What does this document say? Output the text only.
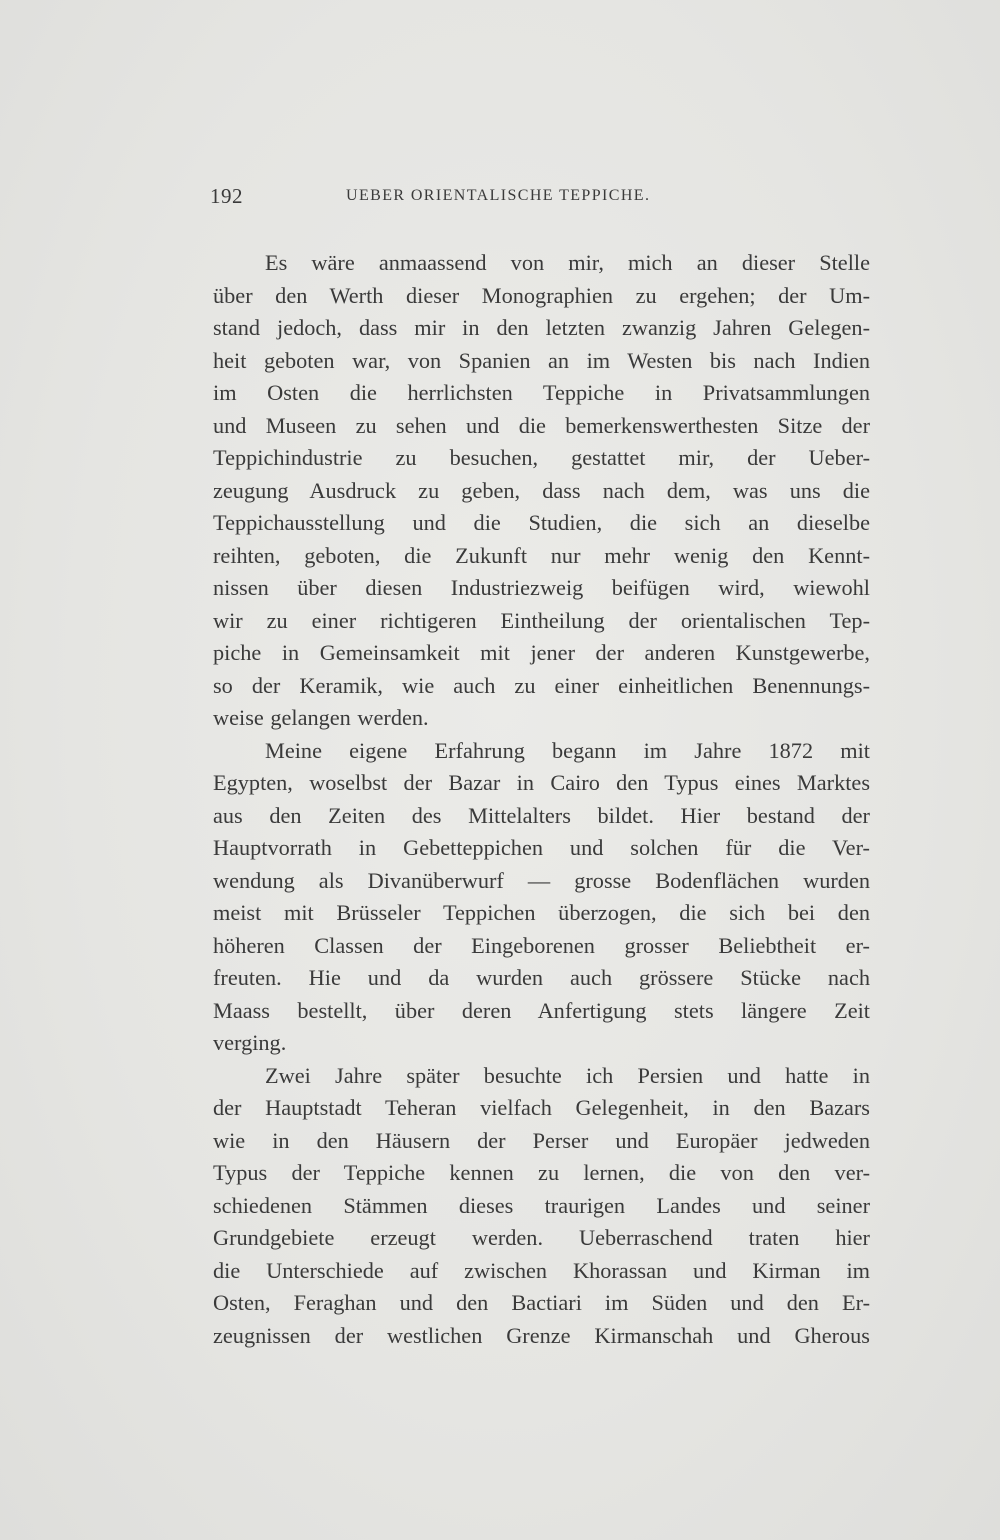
192	UEBER ORIENTALISCHE TEPPICHE.
Es wäre anmaassend von mir, mich an dieser Stelle
über den Werth dieser Monographien zu ergehen; der Um-
stand jedoch, dass mir in den letzten zwanzig Jahren Gelegen-
heit geboten war, von Spanien an im Westen bis nach Indien
im Osten die herrlichsten Teppiche in Privatsammlungen
und Museen zu sehen und die bemerkenswerthesten Sitze der
Teppichindustrie zu besuchen, gestattet mir, der Ueber-
zeugung Ausdruck zu geben, dass nach dem, was uns die
Teppichausstellung und die Studien, die sich an dieselbe
reihten, geboten, die Zukunft nur mehr wenig den Kennt-
nissen über diesen Industriezweig beifügen wird, wiewohl
wir zu einer richtigeren Eintheilung der orientalischen Tep-
piche in Gemeinsamkeit mit jener der anderen Kunstgewerbe,
so der Keramik, wie auch zu einer einheitlichen Benennungs-
weise gelangen werden.
Meine eigene Erfahrung begann im Jahre 1872 mit
Egypten, woselbst der Bazar in Cairo den Typus eines Marktes
aus den Zeiten des Mittelalters bildet. Hier bestand der
Hauptvorrath in Gebetteppichen und solchen für die Ver-
wendung als Divanüberwurf — grosse Bodenflächen wurden
meist mit Brüsseler Teppichen überzogen, die sich bei den
höheren Classen der Eingeborenen grosser Beliebtheit er-
freuten. Hie und da wurden auch grössere Stücke nach
Maass bestellt, über deren Anfertigung stets längere Zeit
verging.
Zwei Jahre später besuchte ich Persien und hatte in
der Hauptstadt Teheran vielfach Gelegenheit, in den Bazars
wie in den Häusern der Perser und Europäer jedweden
Typus der Teppiche kennen zu lernen, die von den ver-
schiedenen Stämmen dieses traurigen Landes und seiner
Grundgebiete erzeugt werden. Ueberraschend traten hier
die Unterschiede auf zwischen Khorassan und Kirman im
Osten, Feraghan und den Bactiari im Süden und den Er-
zeugnissen der westlichen Grenze Kirmanschah und Gherous
